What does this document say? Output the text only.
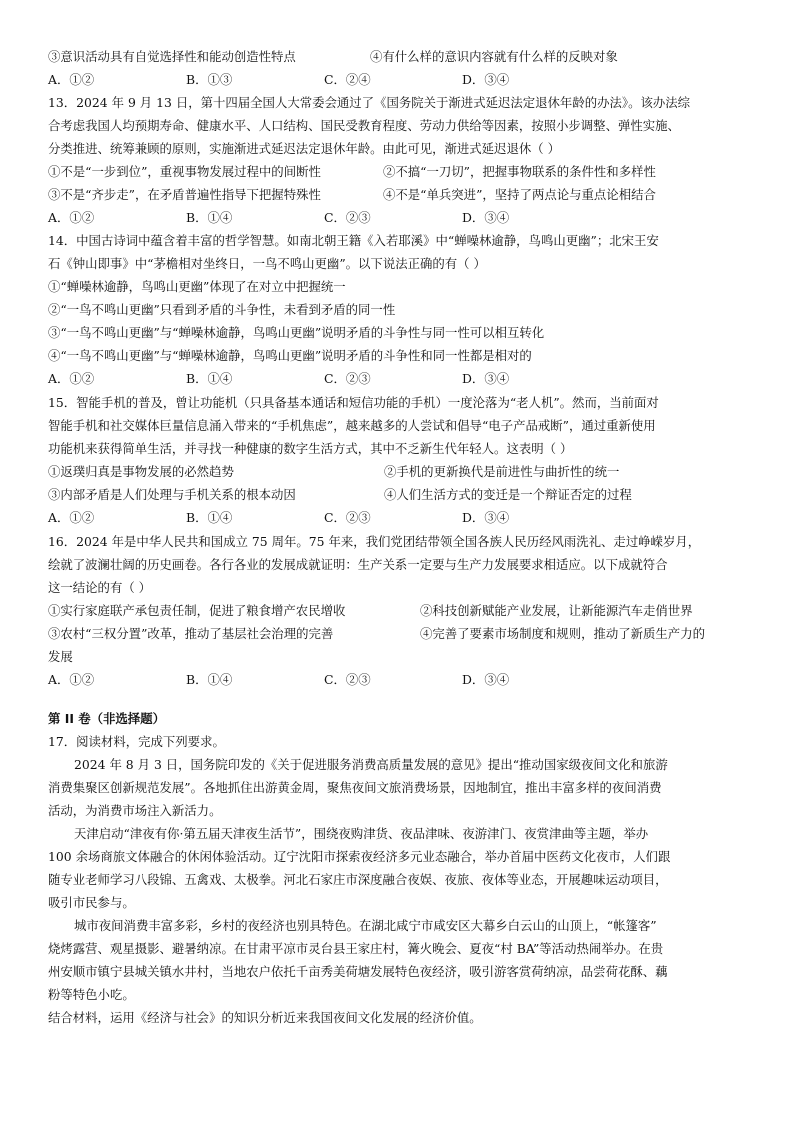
③意识活动具有自觉选择性和能动创造性特点	④有什么样的意识内容就有什么样的反映对象
A．①②	B．①③	C．②④	D．③④
13．2024 年 9 月 13 日，第十四届全国人大常委会通过了《国务院关于渐进式延迟法定退休年龄的办法》。该办法综
合考虑我国人均预期寿命、健康水平、人口结构、国民受教育程度、劳动力供给等因素，按照小步调整、弹性实施、
分类推进、统筹兼顾的原则，实施渐进式延迟法定退休年龄。由此可见，渐进式延迟退休（ ）
①不是“一步到位”，重视事物发展过程中的间断性	②不搞“一刀切”，把握事物联系的条件性和多样性
③不是“齐步走”，在矛盾普遍性指导下把握特殊性	④不是“单兵突进”，坚持了两点论与重点论相结合
A．①②	B．①④	C．②③	D．③④
14．中国古诗词中蕴含着丰富的哲学智慧。如南北朝王籍《入若耶溪》中“蝉噪林逾静，鸟鸣山更幽”；北宋王安
石《钟山即事》中“茅檐相对坐终日，一鸟不鸣山更幽”。以下说法正确的有（ ）
①“蝉噪林逾静，鸟鸣山更幽”体现了在对立中把握统一
②“一鸟不鸣山更幽”只看到矛盾的斗争性，未看到矛盾的同一性
③“一鸟不鸣山更幽”与“蝉噪林逾静，鸟鸣山更幽”说明矛盾的斗争性与同一性可以相互转化
④“一鸟不鸣山更幽”与“蝉噪林逾静，鸟鸣山更幽”说明矛盾的斗争性和同一性都是相对的
A．①②	B．①④	C．②③	D．③④
15．智能手机的普及，曾让功能机（只具备基本通话和短信功能的手机）一度沦落为“老人机”。然而，当前面对
智能手机和社交媒体巨量信息涌入带来的“手机焦虑”，越来越多的人尝试和倡导“电子产品戒断”，通过重新使用
功能机来获得简单生活，并寻找一种健康的数字生活方式，其中不乏新生代年轻人。这表明（ ）
①返璞归真是事物发展的必然趋势	②手机的更新换代是前进性与曲折性的统一
③内部矛盾是人们处理与手机关系的根本动因	④人们生活方式的变迁是一个辩证否定的过程
A．①②	B．①④	C．②③	D．③④
16．2024 年是中华人民共和国成立 75 周年。75 年来，我们党团结带领全国各族人民历经风雨洗礼、走过峥嵘岁月，
绘就了波澜壮阔的历史画卷。各行各业的发展成就证明：生产关系一定要与生产力发展要求相适应。以下成就符合
这一结论的有（ ）
①实行家庭联产承包责任制，促进了粮食增产农民增收	②科技创新赋能产业发展，让新能源汽车走俏世界
③农村“三权分置”改革，推动了基层社会治理的完善	④完善了要素市场制度和规则，推动了新质生产力的
发展
A．①②	B．①④	C．②③	D．③④
第 II 卷（非选择题）
17．阅读材料，完成下列要求。
2024 年 8 月 3 日，国务院印发的《关于促进服务消费高质量发展的意见》提出“推动国家级夜间文化和旅游
消费集聚区创新规范发展”。各地抓住出游黄金周，聚焦夜间文旅消费场景，因地制宜，推出丰富多样的夜间消费
活动，为消费市场注入新活力。
天津启动“津夜有你·第五届天津夜生活节”，围绕夜购津货、夜品津味、夜游津门、夜赏津曲等主题，举办
100 余场商旅文体融合的休闲体验活动。辽宁沈阳市探索夜经济多元业态融合，举办首届中医药文化夜市，人们跟
随专业老师学习八段锦、五禽戏、太极拳。河北石家庄市深度融合夜娱、夜旅、夜体等业态，开展趣味运动项目，
吸引市民参与。
城市夜间消费丰富多彩，乡村的夜经济也别具特色。在湖北咸宁市咸安区大幕乡白云山的山顶上，“帐篷客”
烧烤露营、观星摄影、避暑纳凉。在甘肃平凉市灵台县王家庄村，篝火晚会、夏夜“村 BA”等活动热闹举办。在贵
州安顺市镇宁县城关镇水井村，当地农户依托千亩秀美荷塘发展特色夜经济，吸引游客赏荷纳凉，品尝荷花酥、藕
粉等特色小吃。
结合材料，运用《经济与社会》的知识分析近来我国夜间文化发展的经济价值。
